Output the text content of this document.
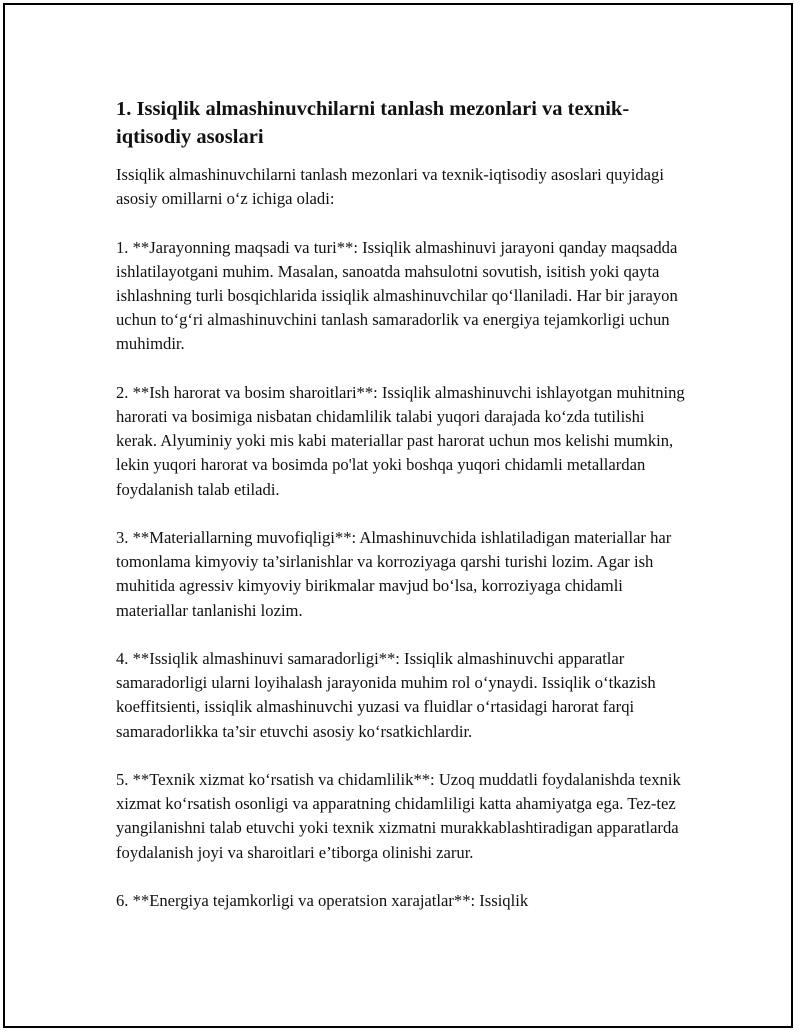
1. Issiqlik almashinuvchilarni tanlash mezonlari va texnik-iqtisodiy asoslari

Issiqlik almashinuvchilarni tanlash mezonlari va texnik-iqtisodiy asoslari quyidagi asosiy omillarni o‘z ichiga oladi:

1. **Jarayonning maqsadi va turi**: Issiqlik almashinuvi jarayoni qanday maqsadda ishlatilayotgani muhim. Masalan, sanoatda mahsulotni sovutish, isitish yoki qayta ishlashning turli bosqichlarida issiqlik almashinuvchilar qo‘llaniladi. Har bir jarayon uchun to‘g‘ri almashinuvchini tanlash samaradorlik va energiya tejamkorligi uchun muhimdir.

2. **Ish harorat va bosim sharoitlari**: Issiqlik almashinuvchi ishlayotgan muhitning harorati va bosimiga nisbatan chidamlilik talabi yuqori darajada ko‘zda tutilishi kerak. Alyuminiy yoki mis kabi materiallar past harorat uchun mos kelishi mumkin, lekin yuqori harorat va bosimda po'lat yoki boshqa yuqori chidamli metallardan foydalanish talab etiladi.

3. **Materiallarning muvofiqligi**: Almashinuvchida ishlatiladigan materiallar har tomonlama kimyoviy ta’sirlanishlar va korroziyaga qarshi turishi lozim. Agar ish muhitida agressiv kimyoviy birikmalar mavjud bo‘lsa, korroziyaga chidamli materiallar tanlanishi lozim.

4. **Issiqlik almashinuvi samaradorligi**: Issiqlik almashinuvchi apparatlar samaradorligi ularni loyihalash jarayonida muhim rol o‘ynaydi. Issiqlik o‘tkazish koeffitsienti, issiqlik almashinuvchi yuzasi va fluidlar o‘rtasidagi harorat farqi samaradorlikka ta’sir etuvchi asosiy ko‘rsatkichlardir.

5. **Texnik xizmat ko‘rsatish va chidamlilik**: Uzoq muddatli foydalanishda texnik xizmat ko‘rsatish osonligi va apparatning chidamliligi katta ahamiyatga ega. Tez-tez yangilanishni talab etuvchi yoki texnik xizmatni murakkablashtiradigan apparatlarda foydalanish joyi va sharoitlari e’tiborga olinishi zarur.

6. **Energiya tejamkorligi va operatsion xarajatlar**: Issiqlik
